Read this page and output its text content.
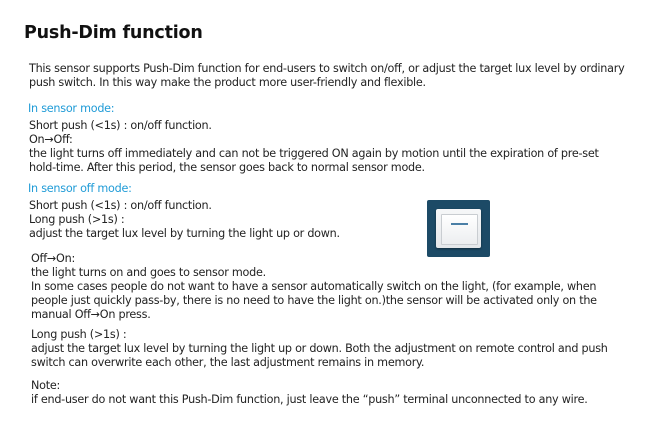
Push-Dim function
This sensor supports Push-Dim function for end-users to switch on/off, or adjust the target lux level by ordinary
push switch. In this way make the product more user-friendly and flexible.
In sensor mode:
Short push (<1s) : on/off function.
On→Off:
the light turns off immediately and can not be triggered ON again by motion until the expiration of pre-set
hold-time. After this period, the sensor goes back to normal sensor mode.
In sensor off mode:
Short push (<1s) : on/off function.
Long push (>1s) :
adjust the target lux level by turning the light up or down.
Off→On:
the light turns on and goes to sensor mode.
In some cases people do not want to have a sensor automatically switch on the light, (for example, when
people just quickly pass-by, there is no need to have the light on.)the sensor will be activated only on the
manual Off→On press.
Long push (>1s) :
adjust the target lux level by turning the light up or down. Both the adjustment on remote control and push
switch can overwrite each other, the last adjustment remains in memory.
Note:
if end-user do not want this Push-Dim function, just leave the “push” terminal unconnected to any wire.
